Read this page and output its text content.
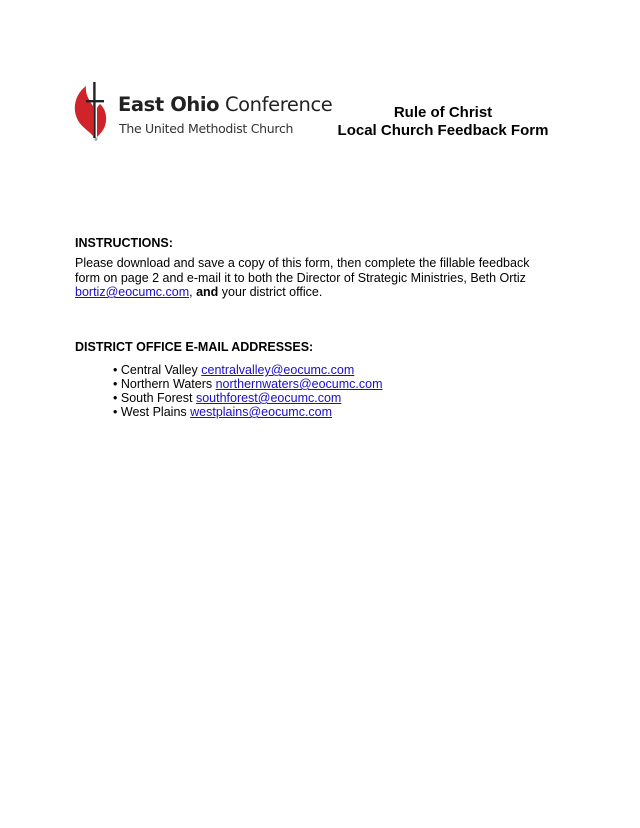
®
East Ohio Conference
The United Methodist Church
Rule of Christ
Local Church Feedback Form
INSTRUCTIONS:
Please download and save a copy of this form, then complete the fillable feedback form on page 2 and e-mail it to both the Director of Strategic Ministries, Beth Ortiz bortiz@eocumc.com, and your district office.
DISTRICT OFFICE E-MAIL ADDRESSES:
• Central Valley centralvalley@eocumc.com
• Northern Waters northernwaters@eocumc.com
• South Forest southforest@eocumc.com
• West Plains westplains@eocumc.com
